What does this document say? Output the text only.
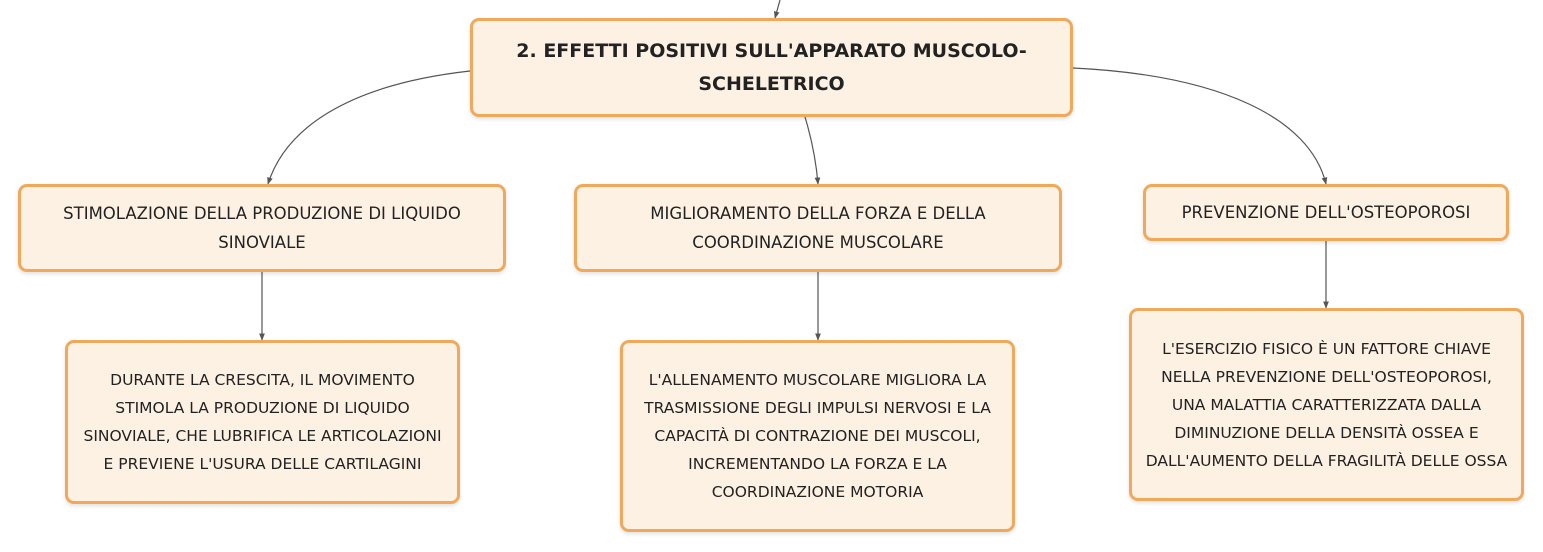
2. EFFETTI POSITIVI SULL'APPARATO MUSCOLO-SCHELETRICO
STIMOLAZIONE DELLA PRODUZIONE DI LIQUIDO SINOVIALE
MIGLIORAMENTO DELLA FORZA E DELLA COORDINAZIONE MUSCOLARE
PREVENZIONE DELL'OSTEOPOROSI
DURANTE LA CRESCITA, IL MOVIMENTO STIMOLA LA PRODUZIONE DI LIQUIDO SINOVIALE, CHE LUBRIFICA LE ARTICOLAZIONI E PREVIENE L'USURA DELLE CARTILAGINI
L'ALLENAMENTO MUSCOLARE MIGLIORA LA TRASMISSIONE DEGLI IMPULSI NERVOSI E LA CAPACITÀ DI CONTRAZIONE DEI MUSCOLI, INCREMENTANDO LA FORZA E LA COORDINAZIONE MOTORIA
L'ESERCIZIO FISICO È UN FATTORE CHIAVE NELLA PREVENZIONE DELL'OSTEOPOROSI, UNA MALATTIA CARATTERIZZATA DALLA DIMINUZIONE DELLA DENSITÀ OSSEA E DALL'AUMENTO DELLA FRAGILITÀ DELLE OSSA
